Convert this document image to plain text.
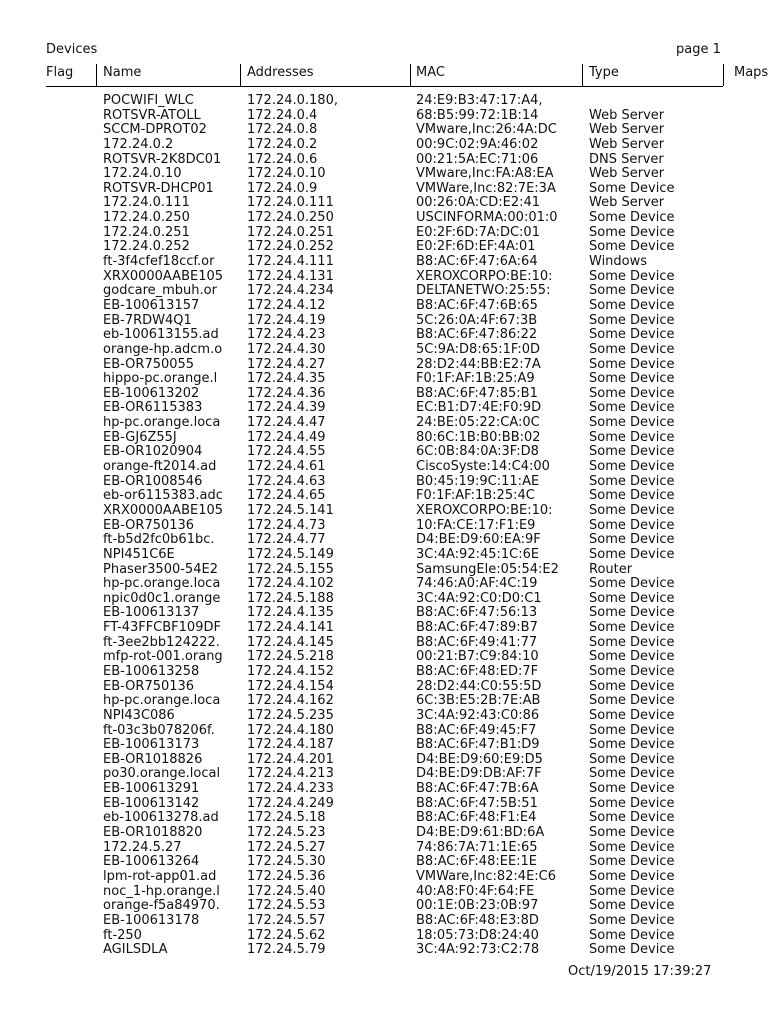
Devices	page 1
Flag Name	Addresses	MAC	Type	Maps
POCWIFI_WLC	172.24.0.180,	24:E9:B3:47:17:A4,
ROTSVR-ATOLL	172.24.0.4	68:B5:99:72:1B:14	Web Server
SCCM-DPROT02	172.24.0.8	VMware,Inc:26:4A:DC	Web Server
172.24.0.2	172.24.0.2	00:9C:02:9A:46:02	Web Server
ROTSVR-2K8DC01	172.24.0.6	00:21:5A:EC:71:06	DNS Server
172.24.0.10	172.24.0.10	VMware,Inc:FA:A8:EA	Web Server
ROTSVR-DHCP01	172.24.0.9	VMWare,Inc:82:7E:3A	Some Device
172.24.0.111	172.24.0.111	00:26:0A:CD:E2:41	Web Server
172.24.0.250	172.24.0.250	USCINFORMA:00:01:0	Some Device
172.24.0.251	172.24.0.251	E0:2F:6D:7A:DC:01	Some Device
172.24.0.252	172.24.0.252	E0:2F:6D:EF:4A:01	Some Device
ft-3f4cfef18ccf.or	172.24.4.111	B8:AC:6F:47:6A:64	Windows
XRX0000AABE105	172.24.4.131	XEROXCORPO:BE:10:	Some Device
godcare_mbuh.or	172.24.4.234	DELTANETWO:25:55:	Some Device
EB-100613157	172.24.4.12	B8:AC:6F:47:6B:65	Some Device
EB-7RDW4Q1	172.24.4.19	5C:26:0A:4F:67:3B	Some Device
eb-100613155.ad	172.24.4.23	B8:AC:6F:47:86:22	Some Device
orange-hp.adcm.o	172.24.4.30	5C:9A:D8:65:1F:0D	Some Device
EB-OR750055	172.24.4.27	28:D2:44:BB:E2:7A	Some Device
hippo-pc.orange.l	172.24.4.35	F0:1F:AF:1B:25:A9	Some Device
EB-100613202	172.24.4.36	B8:AC:6F:47:85:B1	Some Device
EB-OR6115383	172.24.4.39	EC:B1:D7:4E:F0:9D	Some Device
hp-pc.orange.loca	172.24.4.47	24:BE:05:22:CA:0C	Some Device
EB-GJ6Z55J	172.24.4.49	80:6C:1B:B0:BB:02	Some Device
EB-OR1020904	172.24.4.55	6C:0B:84:0A:3F:D8	Some Device
orange-ft2014.ad	172.24.4.61	CiscoSyste:14:C4:00	Some Device
EB-OR1008546	172.24.4.63	B0:45:19:9C:11:AE	Some Device
eb-or6115383.adc	172.24.4.65	F0:1F:AF:1B:25:4C	Some Device
XRX0000AABE105	172.24.5.141	XEROXCORPO:BE:10:	Some Device
EB-OR750136	172.24.4.73	10:FA:CE:17:F1:E9	Some Device
ft-b5d2fc0b61bc.	172.24.4.77	D4:BE:D9:60:EA:9F	Some Device
NPI451C6E	172.24.5.149	3C:4A:92:45:1C:6E	Some Device
Phaser3500-54E2	172.24.5.155	SamsungEle:05:54:E2	Router
hp-pc.orange.loca	172.24.4.102	74:46:A0:AF:4C:19	Some Device
npic0d0c1.orange	172.24.5.188	3C:4A:92:C0:D0:C1	Some Device
EB-100613137	172.24.4.135	B8:AC:6F:47:56:13	Some Device
FT-43FFCBF109DF	172.24.4.141	B8:AC:6F:47:89:B7	Some Device
ft-3ee2bb124222.	172.24.4.145	B8:AC:6F:49:41:77	Some Device
mfp-rot-001.orang	172.24.5.218	00:21:B7:C9:84:10	Some Device
EB-100613258	172.24.4.152	B8:AC:6F:48:ED:7F	Some Device
EB-OR750136	172.24.4.154	28:D2:44:C0:55:5D	Some Device
hp-pc.orange.loca	172.24.4.162	6C:3B:E5:2B:7E:AB	Some Device
NPI43C086	172.24.5.235	3C:4A:92:43:C0:86	Some Device
ft-03c3b078206f.	172.24.4.180	B8:AC:6F:49:45:F7	Some Device
EB-100613173	172.24.4.187	B8:AC:6F:47:B1:D9	Some Device
EB-OR1018826	172.24.4.201	D4:BE:D9:60:E9:D5	Some Device
po30.orange.local	172.24.4.213	D4:BE:D9:DB:AF:7F	Some Device
EB-100613291	172.24.4.233	B8:AC:6F:47:7B:6A	Some Device
EB-100613142	172.24.4.249	B8:AC:6F:47:5B:51	Some Device
eb-100613278.ad	172.24.5.18	B8:AC:6F:48:F1:E4	Some Device
EB-OR1018820	172.24.5.23	D4:BE:D9:61:BD:6A	Some Device
172.24.5.27	172.24.5.27	74:86:7A:71:1E:65	Some Device
EB-100613264	172.24.5.30	B8:AC:6F:48:EE:1E	Some Device
lpm-rot-app01.ad	172.24.5.36	VMWare,Inc:82:4E:C6	Some Device
noc_1-hp.orange.l	172.24.5.40	40:A8:F0:4F:64:FE	Some Device
orange-f5a84970.	172.24.5.53	00:1E:0B:23:0B:97	Some Device
EB-100613178	172.24.5.57	B8:AC:6F:48:E3:8D	Some Device
ft-250	172.24.5.62	18:05:73:D8:24:40	Some Device
AGILSDLA	172.24.5.79	3C:4A:92:73:C2:78	Some Device
Oct/19/2015 17:39:27
